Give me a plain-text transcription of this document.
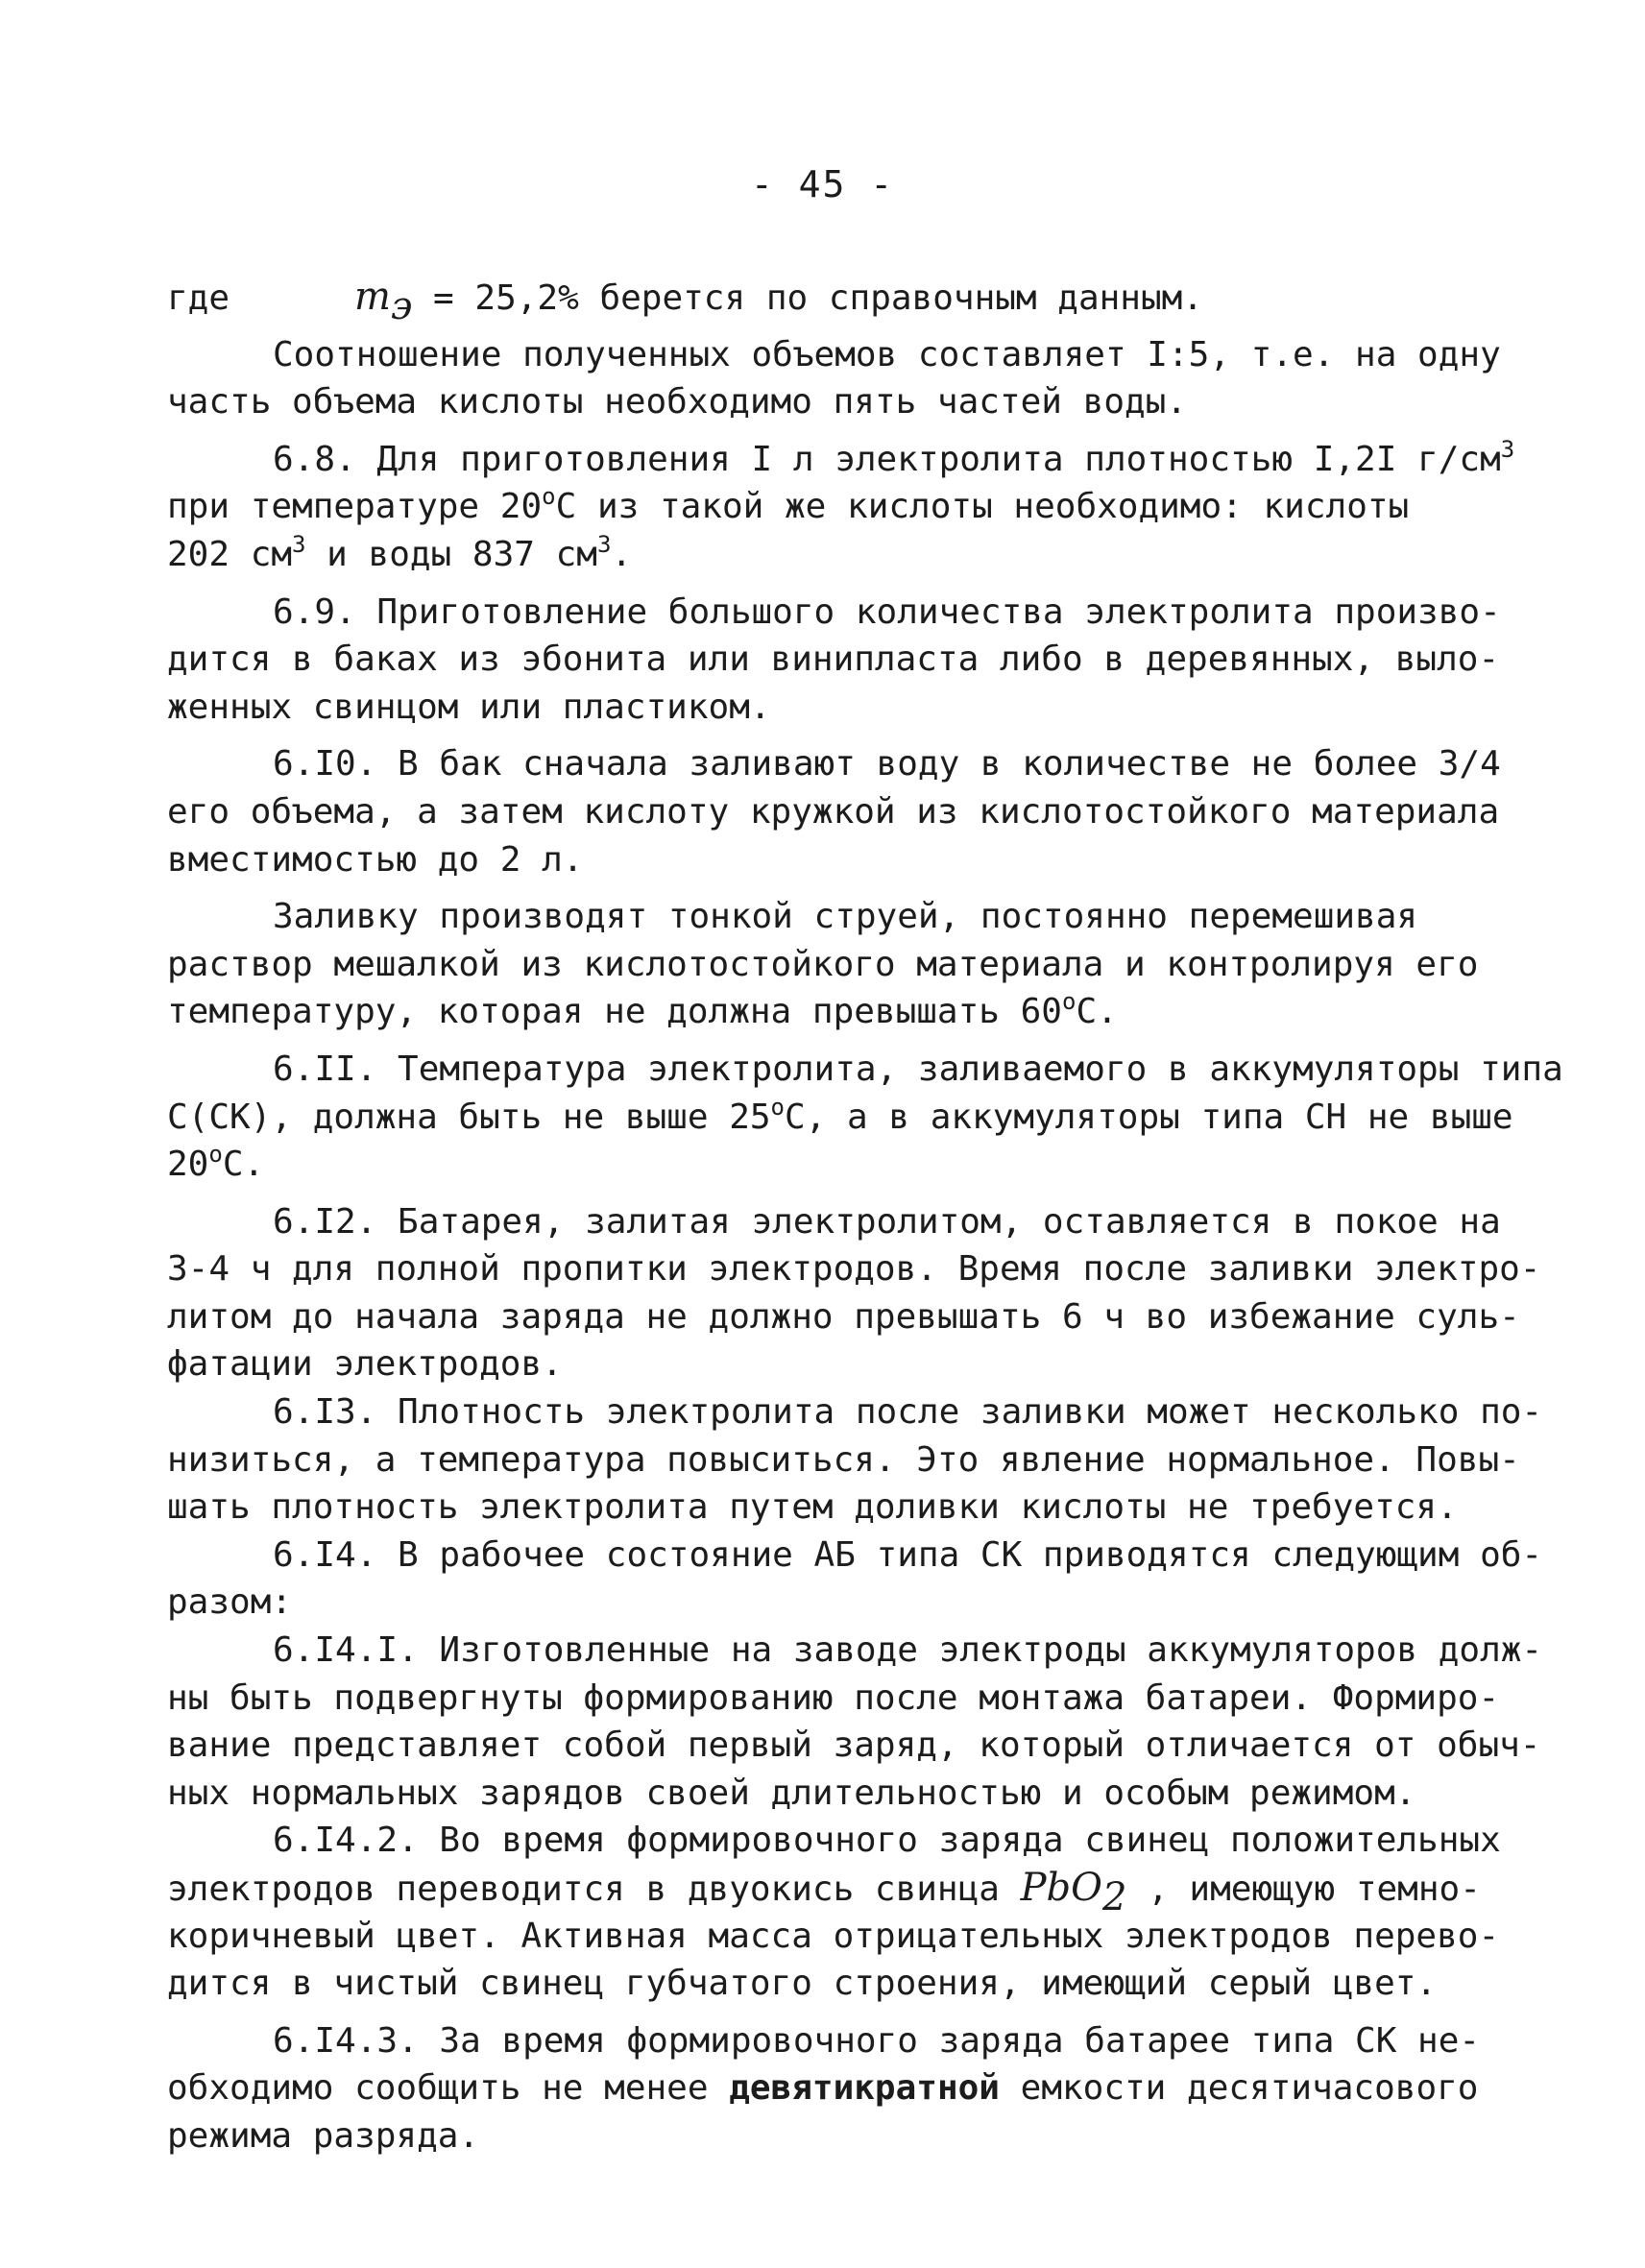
- 45 -
где	$m_э = 25,2\%$ берется по справочным данным.
Соотношение полученных объемов составляет I:5, т.е. на одну
часть объема кислоты необходимо пять частей воды.
6.8. Для приготовления I л электролита плотностью I,2I $г/см^3$
при температуре $20^оС$ из такой же кислоты необходимо: кислоты
202 $см^3$ и воды 837 $см^3$.
6.9. Приготовление большого количества электролита произво-
дится в баках из эбонита или винипласта либо в деревянных, выло-
женных свинцом или пластиком.
6.I0. В бак сначала заливают воду в количестве не более 3/4
его объема, а затем кислоту кружкой из кислотостойкого материала
вместимостью до 2 л.
Заливку производят тонкой струей, постоянно перемешивая
раствор мешалкой из кислотостойкого материала и контролируя его
температуру, которая не должна превышать $60^оС$.
6.II. Температура электролита, заливаемого в аккумуляторы типа
С(СК), должна быть не выше $25^оС$, а в аккумуляторы типа СН не выше
$20^оС$.
6.I2. Батарея, залитая электролитом, оставляется в покое на
3-4 ч для полной пропитки электродов. Время после заливки электро-
литом до начала заряда не должно превышать 6 ч во избежание суль-
фатации электродов.
6.I3. Плотность электролита после заливки может несколько по-
низиться, а температура повыситься. Это явление нормальное. Повы-
шать плотность электролита путем доливки кислоты не требуется.
6.I4. В рабочее состояние АБ типа СК приводятся следующим об-
разом:
6.I4.I. Изготовленные на заводе электроды аккумуляторов долж-
ны быть подвергнуты формированию после монтажа батареи. Формиро-
вание представляет собой первый заряд, который отличается от обыч-
ных нормальных зарядов своей длительностью и особым режимом.
6.I4.2. Во время формировочного заряда свинец положительных
электродов переводится в двуокись свинца PbO$_2$ , имеющую темно-
коричневый цвет. Активная масса отрицательных электродов перево-
дится в чистый свинец губчатого строения, имеющий серый цвет.
6.I4.3. За время формировочного заряда батарее типа СК не-
обходимо сообщить не менее девятикратной емкости десятичасового
режима разряда.
